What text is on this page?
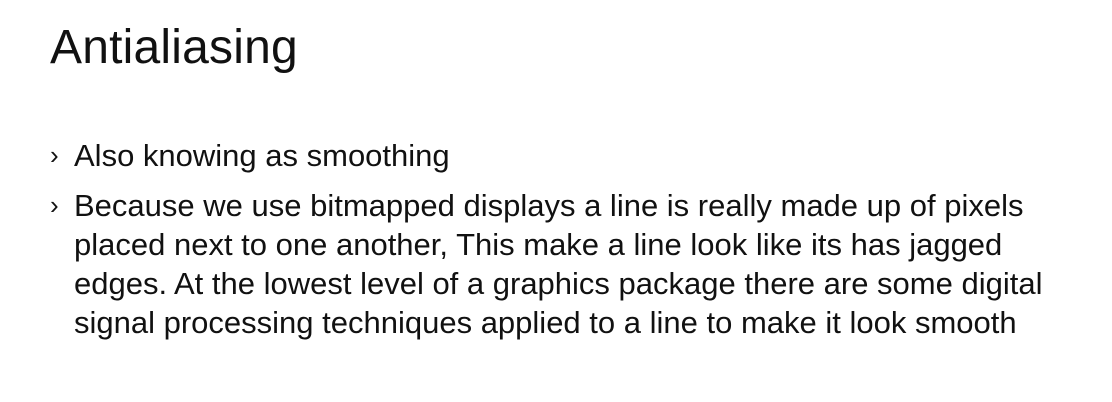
Antialiasing
› Also knowing as smoothing
› Because we use bitmapped displays a line is really made up of pixels placed next to one another, This make a line look like its has jagged edges. At the lowest level of a graphics package there are some digital signal processing techniques applied to a line to make it look smooth
